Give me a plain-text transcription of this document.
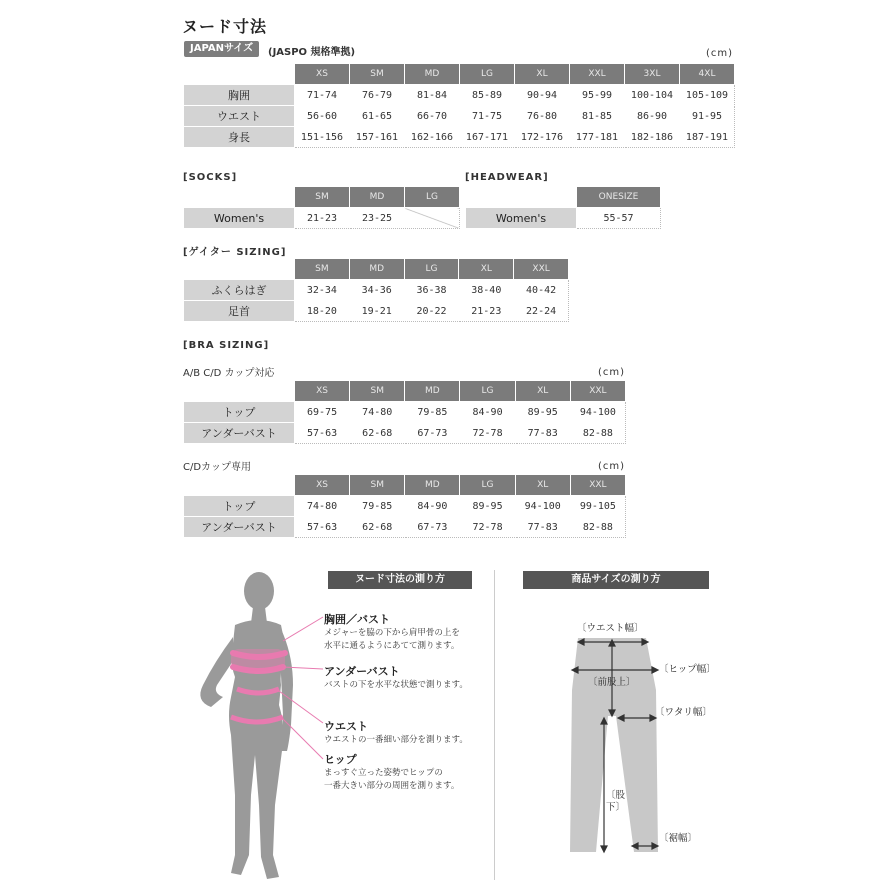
ヌード寸法
JAPANサイズ	(JASPO 規格準拠)	(cm)
	XS	SM	MD	LG	XL	XXL	3XL	4XL
胸囲	71-74	76-79	81-84	85-89	90-94	95-99	100-104	105-109
ウエスト	56-60	61-65	66-70	71-75	76-80	81-85	86-90	91-95
身長	151-156	157-161	162-166	167-171	172-176	177-181	182-186	187-191
[SOCKS]
	SM	MD	LG
Women's	21-23	23-25	
[HEADWEAR]
	ONESIZE
Women's	55-57
[ゲイター SIZING]
	SM	MD	LG	XL	XXL
ふくらはぎ	32-34	34-36	36-38	38-40	40-42
足首	18-20	19-21	20-22	21-23	22-24
[BRA SIZING]
A/B C/D カップ対応	(cm)
	XS	SM	MD	LG	XL	XXL
トップ	69-75	74-80	79-85	84-90	89-95	94-100
アンダーバスト	57-63	62-68	67-73	72-78	77-83	82-88
C/Dカップ専用	(cm)
	XS	SM	MD	LG	XL	XXL
トップ	74-80	79-85	84-90	89-95	94-100	99-105
アンダーバスト	57-63	62-68	67-73	72-78	77-83	82-88
ヌード寸法の測り方
胸囲／バスト
メジャーを脇の下から肩甲骨の上を
水平に通るようにあてて測ります。
アンダーバスト
バストの下を水平な状態で測ります。
ウエスト
ウエストの一番細い部分を測ります。
ヒップ
まっすぐ立った姿勢でヒップの
一番大きい部分の周囲を測ります。
商品サイズの測り方
〔ウエスト幅〕
〔ヒップ幅〕
〔前股上〕
〔ワタリ幅〕
〔股下〕
〔裾幅〕
